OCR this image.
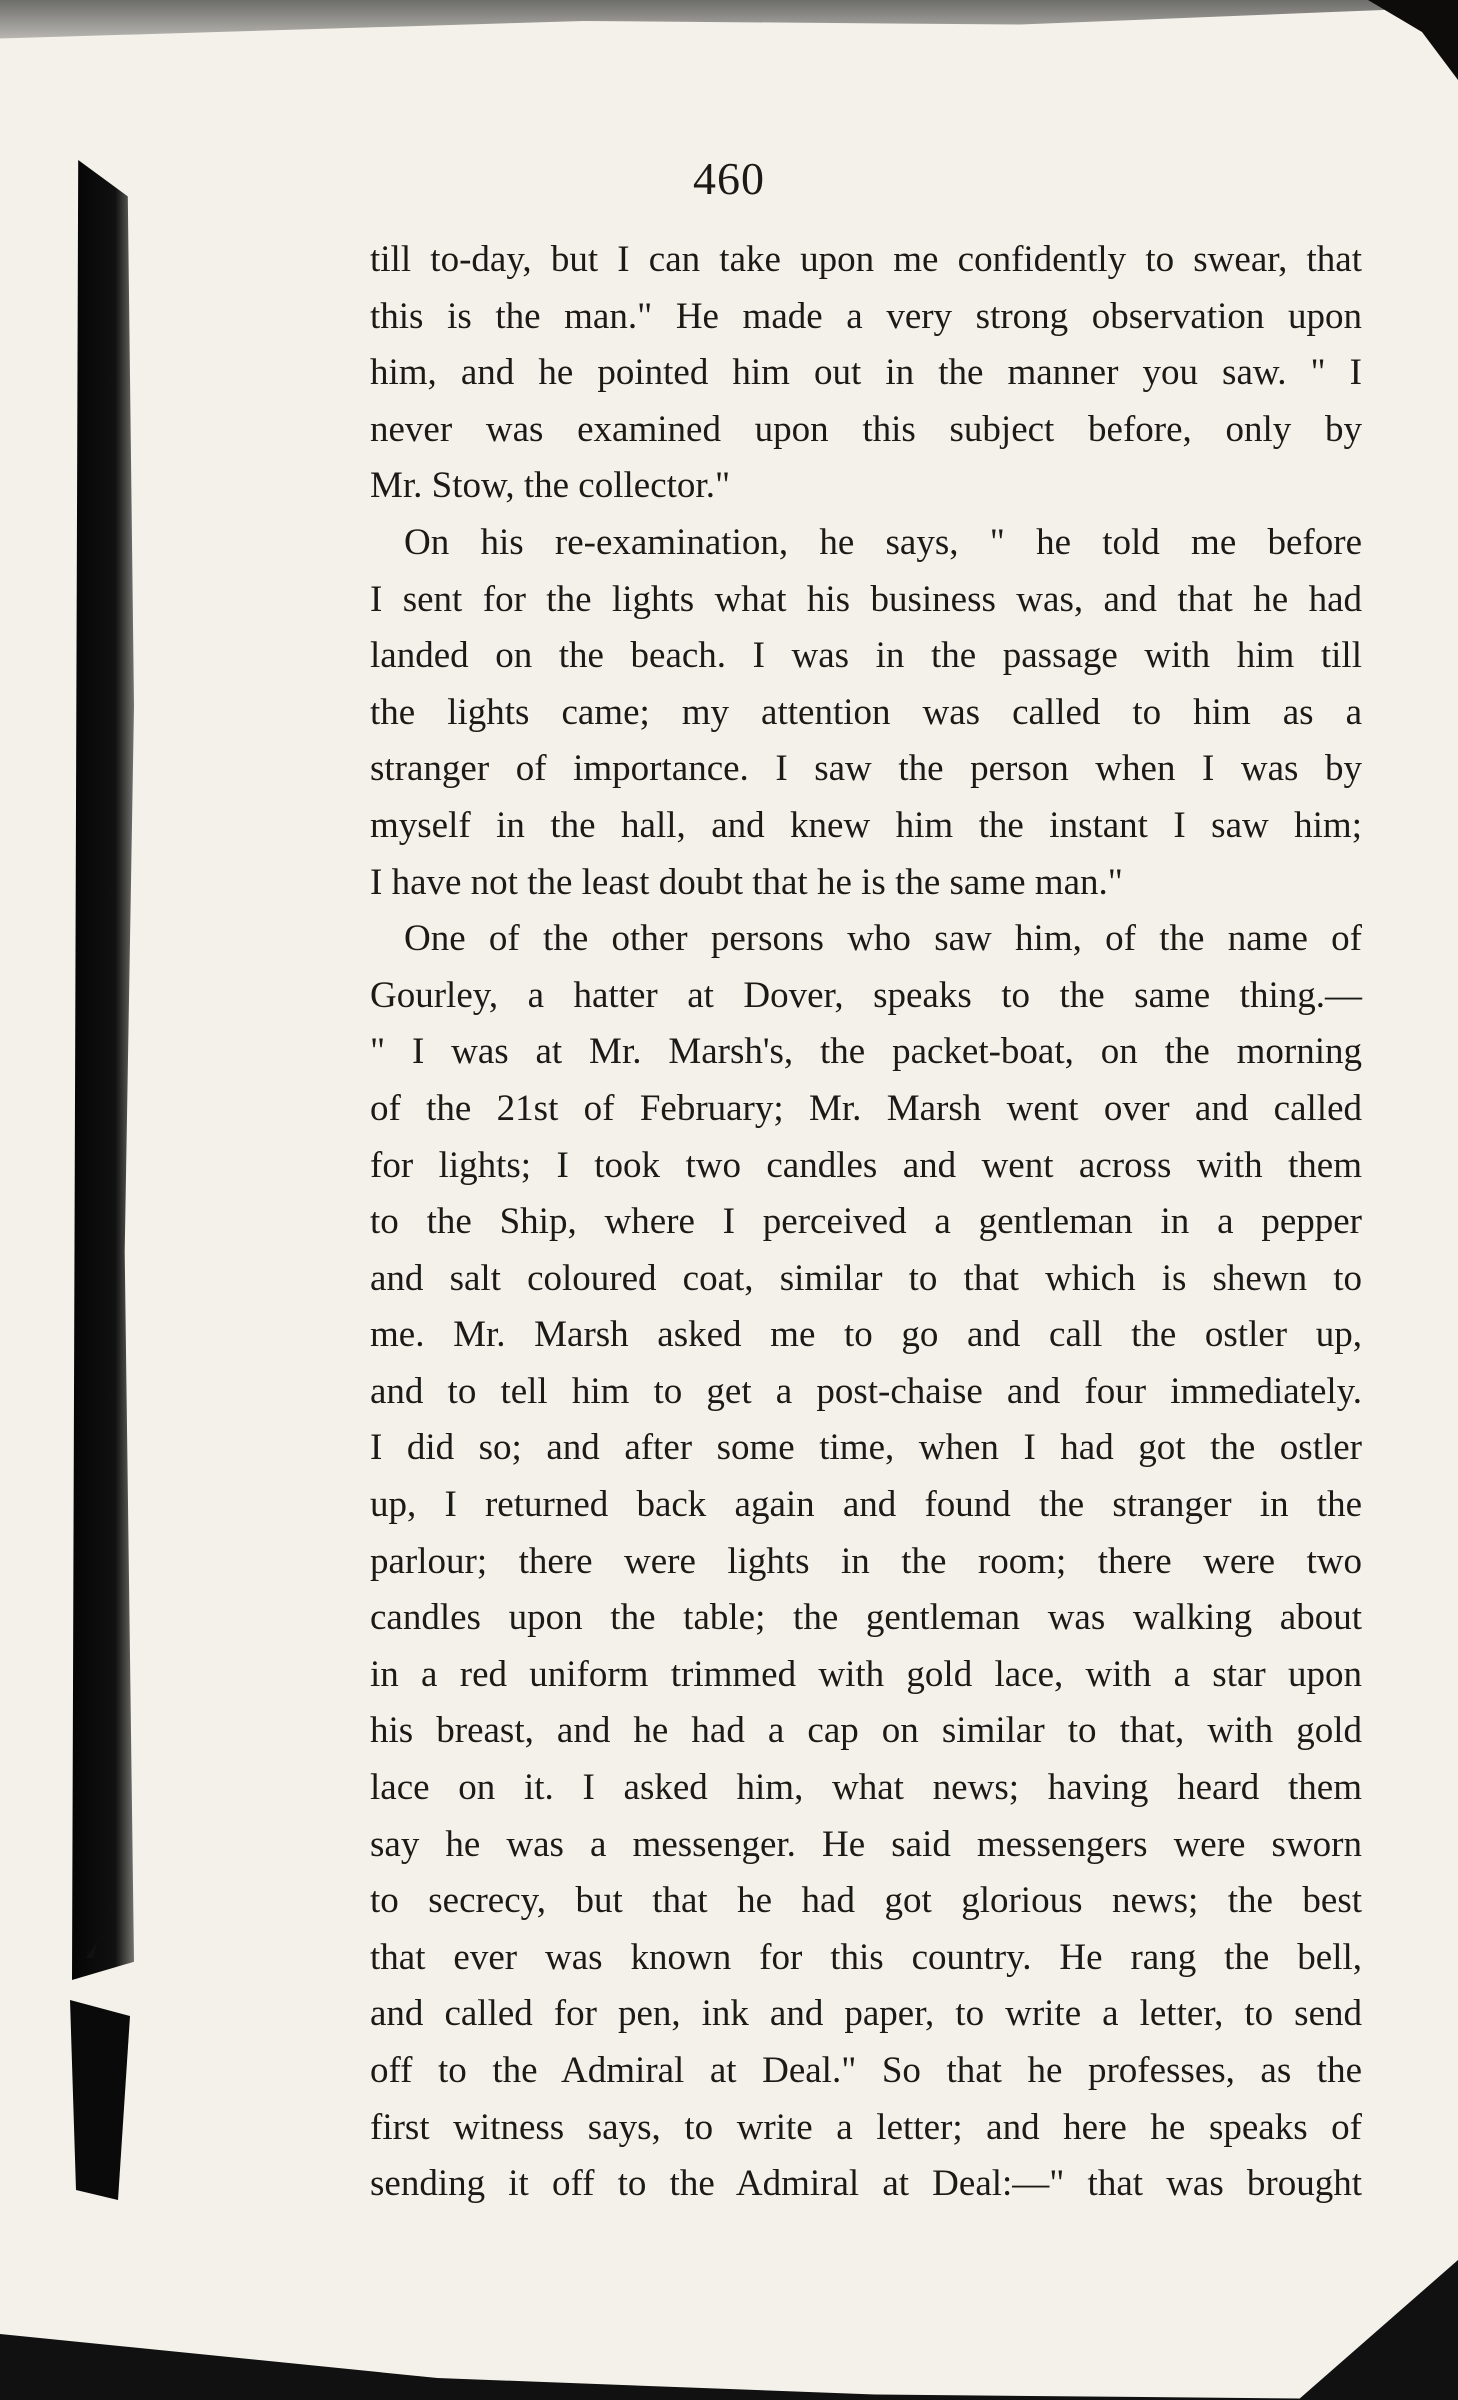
460
till to-day, but I can take upon me confidently to swear, that
this is the man." He made a very strong observation upon
him, and he pointed him out in the manner you saw. " I
never was examined upon this subject before, only by
Mr. Stow, the collector."
On his re-examination, he says, " he told me before
I sent for the lights what his business was, and that he had
landed on the beach. I was in the passage with him till
the lights came; my attention was called to him as a
stranger of importance. I saw the person when I was by
myself in the hall, and knew him the instant I saw him;
I have not the least doubt that he is the same man."
One of the other persons who saw him, of the name of
Gourley, a hatter at Dover, speaks to the same thing.—
" I was at Mr. Marsh's, the packet-boat, on the morning
of the 21st of February; Mr. Marsh went over and called
for lights; I took two candles and went across with them
to the Ship, where I perceived a gentleman in a pepper
and salt coloured coat, similar to that which is shewn to
me. Mr. Marsh asked me to go and call the ostler up,
and to tell him to get a post-chaise and four immediately.
I did so; and after some time, when I had got the ostler
up, I returned back again and found the stranger in the
parlour; there were lights in the room; there were two
candles upon the table; the gentleman was walking about
in a red uniform trimmed with gold lace, with a star upon
his breast, and he had a cap on similar to that, with gold
lace on it. I asked him, what news; having heard them
say he was a messenger. He said messengers were sworn
to secrecy, but that he had got glorious news; the best
that ever was known for this country. He rang the bell,
and called for pen, ink and paper, to write a letter, to send
off to the Admiral at Deal." So that he professes, as the
first witness says, to write a letter; and here he speaks of
sending it off to the Admiral at Deal:—" that was brought
